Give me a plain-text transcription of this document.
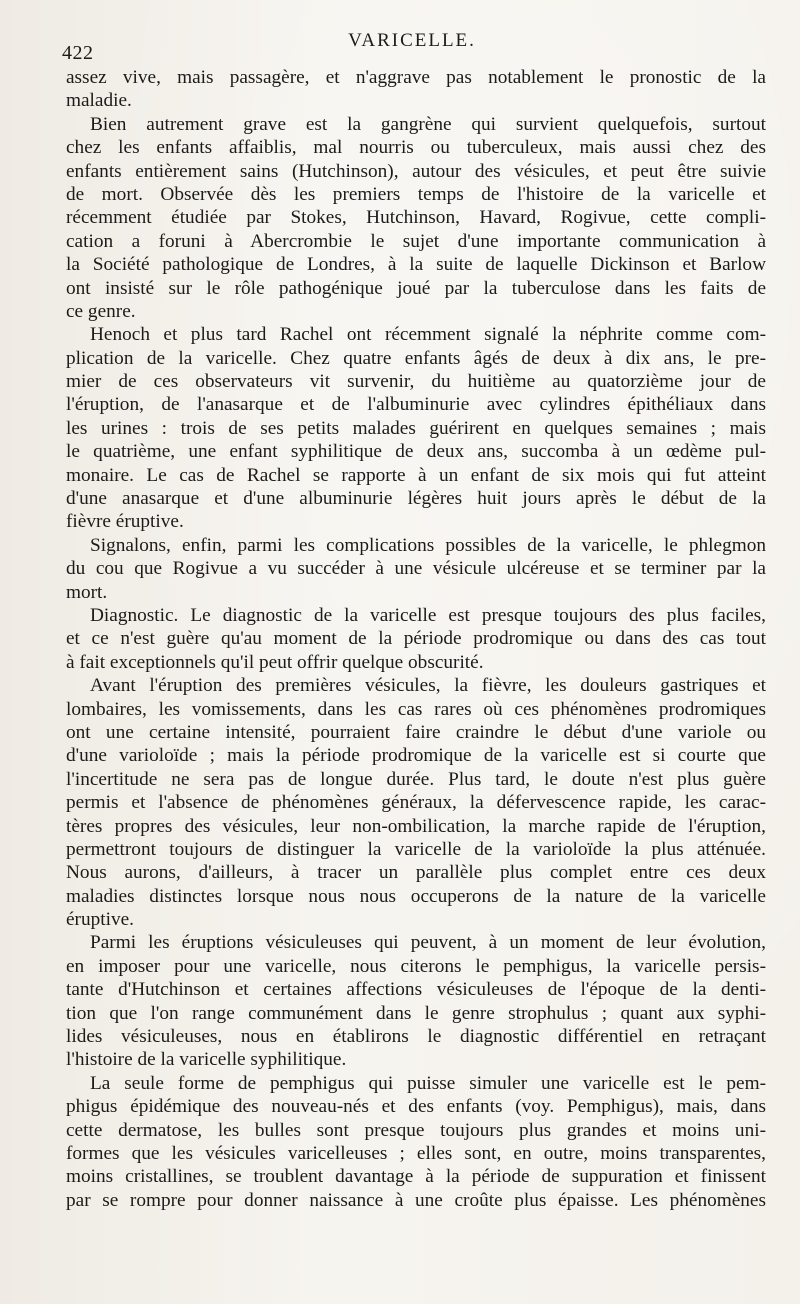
422
VARICELLE.
assez vive, mais passagère, et n'aggrave pas notablement le pronostic de la
maladie.
Bien autrement grave est la gangrène qui survient quelquefois, surtout
chez les enfants affaiblis, mal nourris ou tuberculeux, mais aussi chez des
enfants entièrement sains (Hutchinson), autour des vésicules, et peut être suivie
de mort. Observée dès les premiers temps de l'histoire de la varicelle et
récemment étudiée par Stokes, Hutchinson, Havard, Rogivue, cette compli-
cation a foruni à Abercrombie le sujet d'une importante communication à
la Société pathologique de Londres, à la suite de laquelle Dickinson et Barlow
ont insisté sur le rôle pathogénique joué par la tuberculose dans les faits de
ce genre.
Henoch et plus tard Rachel ont récemment signalé la néphrite comme com-
plication de la varicelle. Chez quatre enfants âgés de deux à dix ans, le pre-
mier de ces observateurs vit survenir, du huitième au quatorzième jour de
l'éruption, de l'anasarque et de l'albuminurie avec cylindres épithéliaux dans
les urines : trois de ses petits malades guérirent en quelques semaines ; mais
le quatrième, une enfant syphilitique de deux ans, succomba à un œdème pul-
monaire. Le cas de Rachel se rapporte à un enfant de six mois qui fut atteint
d'une anasarque et d'une albuminurie légères huit jours après le début de la
fièvre éruptive.
Signalons, enfin, parmi les complications possibles de la varicelle, le phlegmon
du cou que Rogivue a vu succéder à une vésicule ulcéreuse et se terminer par la
mort.
Diagnostic. Le diagnostic de la varicelle est presque toujours des plus faciles,
et ce n'est guère qu'au moment de la période prodromique ou dans des cas tout
à fait exceptionnels qu'il peut offrir quelque obscurité.
Avant l'éruption des premières vésicules, la fièvre, les douleurs gastriques et
lombaires, les vomissements, dans les cas rares où ces phénomènes prodromiques
ont une certaine intensité, pourraient faire craindre le début d'une variole ou
d'une varioloïde ; mais la période prodromique de la varicelle est si courte que
l'incertitude ne sera pas de longue durée. Plus tard, le doute n'est plus guère
permis et l'absence de phénomènes généraux, la défervescence rapide, les carac-
tères propres des vésicules, leur non-ombilication, la marche rapide de l'éruption,
permettront toujours de distinguer la varicelle de la varioloïde la plus atténuée.
Nous aurons, d'ailleurs, à tracer un parallèle plus complet entre ces deux
maladies distinctes lorsque nous nous occuperons de la nature de la varicelle
éruptive.
Parmi les éruptions vésiculeuses qui peuvent, à un moment de leur évolution,
en imposer pour une varicelle, nous citerons le pemphigus, la varicelle persis-
tante d'Hutchinson et certaines affections vésiculeuses de l'époque de la denti-
tion que l'on range communément dans le genre strophulus ; quant aux syphi-
lides vésiculeuses, nous en établirons le diagnostic différentiel en retraçant
l'histoire de la varicelle syphilitique.
La seule forme de pemphigus qui puisse simuler une varicelle est le pem-
phigus épidémique des nouveau-nés et des enfants (voy. Pemphigus), mais, dans
cette dermatose, les bulles sont presque toujours plus grandes et moins uni-
formes que les vésicules varicelleuses ; elles sont, en outre, moins transparentes,
moins cristallines, se troublent davantage à la période de suppuration et finissent
par se rompre pour donner naissance à une croûte plus épaisse. Les phénomènes
